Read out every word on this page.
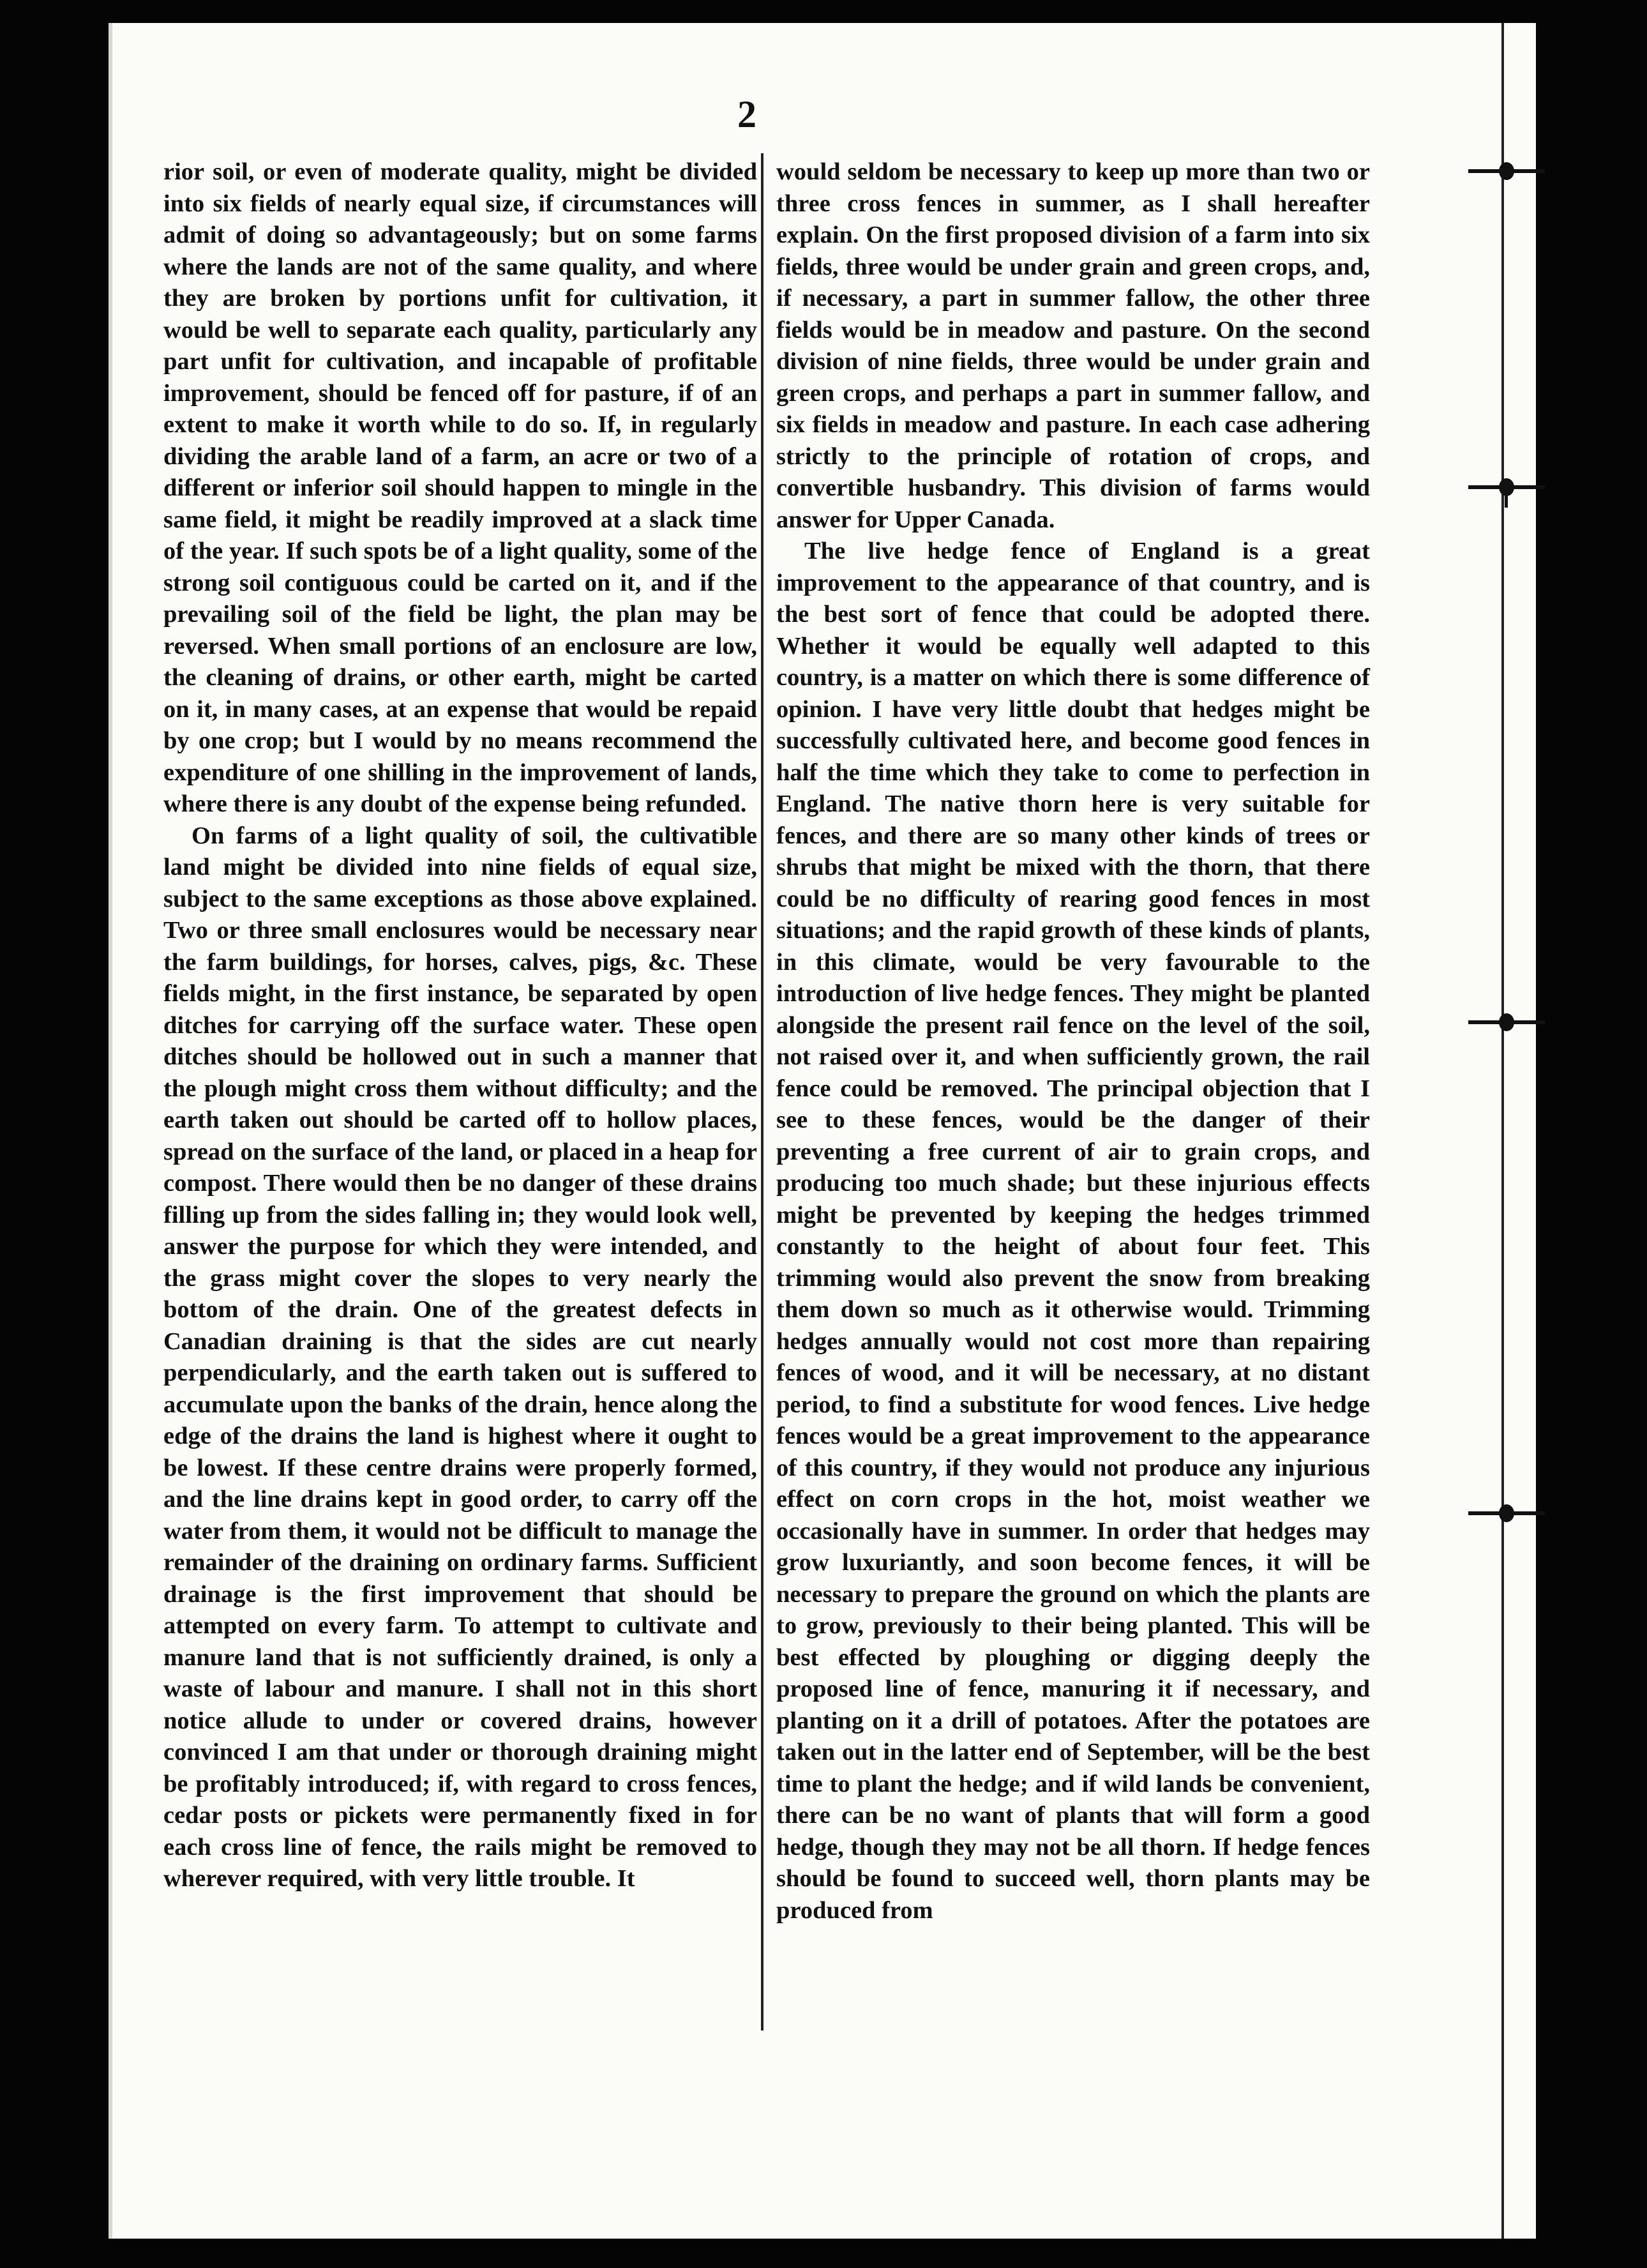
2

rior soil, or even of moderate quality, might be divided into six fields of nearly equal size, if circumstances will admit of doing so advantageously; but on some farms where the lands are not of the same quality, and where they are broken by portions unfit for cultivation, it would be well to separate each quality, particularly any part unfit for cultivation, and incapable of profitable improvement, should be fenced off for pasture, if of an extent to make it worth while to do so. If, in regularly dividing the arable land of a farm, an acre or two of a different or inferior soil should happen to mingle in the same field, it might be readily improved at a slack time of the year. If such spots be of a light quality, some of the strong soil contiguous could be carted on it, and if the prevailing soil of the field be light, the plan may be reversed. When small portions of an enclosure are low, the cleaning of drains, or other earth, might be carted on it, in many cases, at an expense that would be repaid by one crop; but I would by no means recommend the expenditure of one shilling in the improvement of lands, where there is any doubt of the expense being refunded.

On farms of a light quality of soil, the cultivatible land might be divided into nine fields of equal size, subject to the same exceptions as those above explained. Two or three small enclosures would be necessary near the farm buildings, for horses, calves, pigs, &c. These fields might, in the first instance, be separated by open ditches for carrying off the surface water. These open ditches should be hollowed out in such a manner that the plough might cross them without difficulty; and the earth taken out should be carted off to hollow places, spread on the surface of the land, or placed in a heap for compost. There would then be no danger of these drains filling up from the sides falling in; they would look well, answer the purpose for which they were intended, and the grass might cover the slopes to very nearly the bottom of the drain. One of the greatest defects in Canadian draining is that the sides are cut nearly perpendicularly, and the earth taken out is suffered to accumulate upon the banks of the drain, hence along the edge of the drains the land is highest where it ought to be lowest. If these centre drains were properly formed, and the line drains kept in good order, to carry off the water from them, it would not be difficult to manage the remainder of the draining on ordinary farms. Sufficient drainage is the first improvement that should be attempted on every farm. To attempt to cultivate and manure land that is not sufficiently drained, is only a waste of labour and manure. I shall not in this short notice allude to under or covered drains, however convinced I am that under or thorough draining might be profitably introduced; if, with regard to cross fences, cedar posts or pickets were permanently fixed in for each cross line of fence, the rails might be removed to wherever required, with very little trouble. It

would seldom be necessary to keep up more than two or three cross fences in summer, as I shall hereafter explain. On the first proposed division of a farm into six fields, three would be under grain and green crops, and, if necessary, a part in summer fallow, the other three fields would be in meadow and pasture. On the second division of nine fields, three would be under grain and green crops, and perhaps a part in summer fallow, and six fields in meadow and pasture. In each case adhering strictly to the principle of rotation of crops, and convertible husbandry. This division of farms would answer for Upper Canada.

The live hedge fence of England is a great improvement to the appearance of that country, and is the best sort of fence that could be adopted there. Whether it would be equally well adapted to this country, is a matter on which there is some difference of opinion. I have very little doubt that hedges might be successfully cultivated here, and become good fences in half the time which they take to come to perfection in England. The native thorn here is very suitable for fences, and there are so many other kinds of trees or shrubs that might be mixed with the thorn, that there could be no difficulty of rearing good fences in most situations; and the rapid growth of these kinds of plants, in this climate, would be very favourable to the introduction of live hedge fences. They might be planted alongside the present rail fence on the level of the soil, not raised over it, and when sufficiently grown, the rail fence could be removed. The principal objection that I see to these fences, would be the danger of their preventing a free current of air to grain crops, and producing too much shade; but these injurious effects might be prevented by keeping the hedges trimmed constantly to the height of about four feet. This trimming would also prevent the snow from breaking them down so much as it otherwise would. Trimming hedges annually would not cost more than repairing fences of wood, and it will be necessary, at no distant period, to find a substitute for wood fences. Live hedge fences would be a great improvement to the appearance of this country, if they would not produce any injurious effect on corn crops in the hot, moist weather we occasionally have in summer. In order that hedges may grow luxuriantly, and soon become fences, it will be necessary to prepare the ground on which the plants are to grow, previously to their being planted. This will be best effected by ploughing or digging deeply the proposed line of fence, manuring it if necessary, and planting on it a drill of potatoes. After the potatoes are taken out in the latter end of September, will be the best time to plant the hedge; and if wild lands be convenient, there can be no want of plants that will form a good hedge, though they may not be all thorn. If hedge fences should be found to succeed well, thorn plants may be produced from
